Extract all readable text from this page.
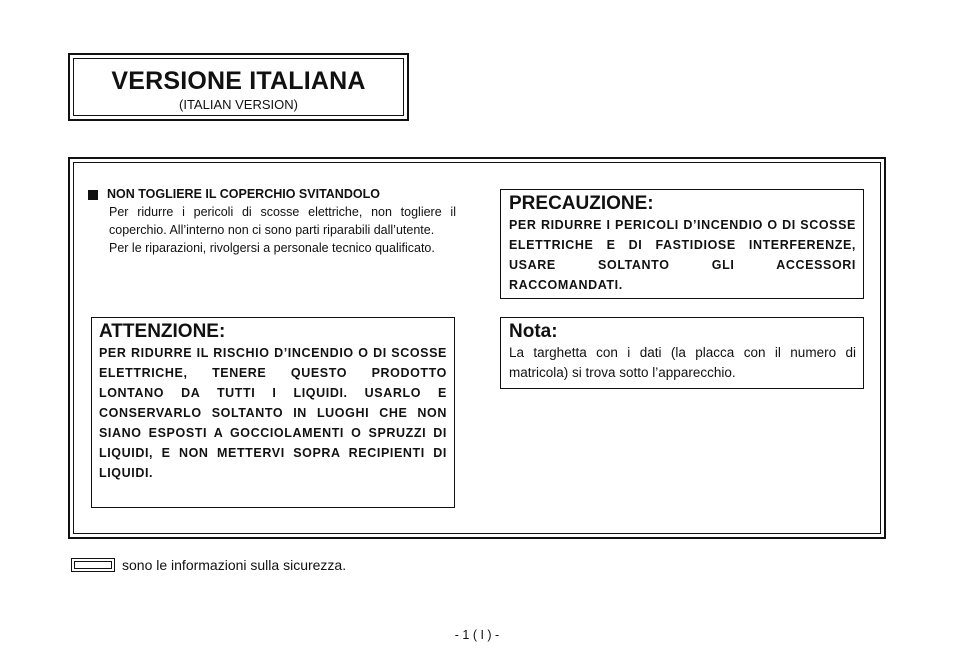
VERSIONE ITALIANA
(ITALIAN VERSION)
NON TOGLIERE IL COPERCHIO SVITANDOLO

Per ridurre i pericoli di scosse elettriche, non togliere il coperchio. All’interno non ci sono parti riparabili dall’utente.

Per le riparazioni, rivolgersi a personale tecnico qualificato.

PRECAUZIONE:
PER RIDURRE I PERICOLI D’INCENDIO O DI SCOSSE ELETTRICHE E DI FASTIDIOSE INTERFERENZE, USARE SOLTANTO GLI ACCESSORI RACCOMANDATI.
ATTENZIONE:
PER RIDURRE IL RISCHIO D’INCENDIO O DI SCOSSE ELETTRICHE, TENERE QUESTO PRODOTTO LONTANO DA TUTTI I LIQUIDI. USARLO E CONSERVARLO SOLTANTO IN LUOGHI CHE NON SIANO ESPOSTI A GOCCIOLAMENTI O SPRUZZI DI LIQUIDI, E NON METTERVI SOPRA RECIPIENTI DI LIQUIDI.
Nota:
La targhetta con i dati (la placca con il numero di matricola) si trova sotto l’apparecchio.
sono le informazioni sulla sicurezza.
- 1 ( I ) -
